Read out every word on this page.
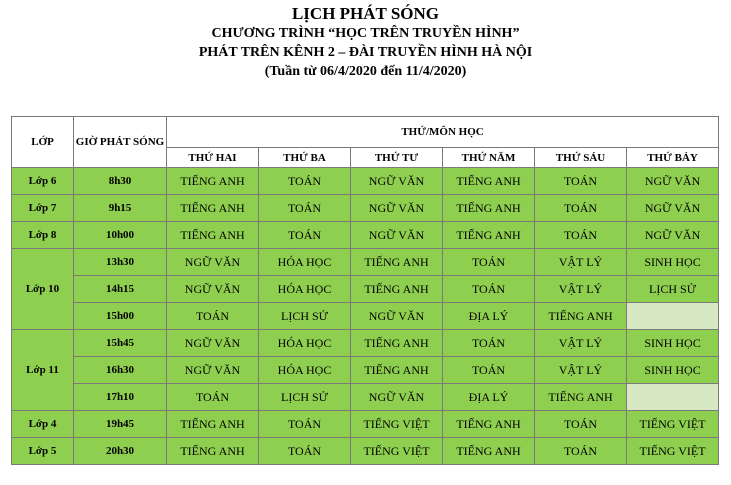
LỊCH PHÁT SÓNG
CHƯƠNG TRÌNH “HỌC TRÊN TRUYỀN HÌNH”
PHÁT TRÊN KÊNH 2 – ĐÀI TRUYỀN HÌNH HÀ NỘI
(Tuần từ 06/4/2020 đến 11/4/2020)
LỚP	GIỜ PHÁT SÓNG	THỨ/MÔN HỌC					
		THỨ HAI	THỨ BA	THỨ TƯ	THỨ NĂM	THỨ SÁU	THỨ BẢY
Lớp 6	8h30	TIẾNG ANH	TOÁN	NGỮ VĂN	TIẾNG ANH	TOÁN	NGỮ VĂN
Lớp 7	9h15	TIẾNG ANH	TOÁN	NGỮ VĂN	TIẾNG ANH	TOÁN	NGỮ VĂN
Lớp 8	10h00	TIẾNG ANH	TOÁN	NGỮ VĂN	TIẾNG ANH	TOÁN	NGỮ VĂN
Lớp 10	13h30	NGỮ VĂN	HÓA HỌC	TIẾNG ANH	TOÁN	VẬT LÝ	SINH HỌC
	14h15	NGỮ VĂN	HÓA HỌC	TIẾNG ANH	TOÁN	VẬT LÝ	LỊCH SỬ
	15h00	TOÁN	LỊCH SỬ	NGỮ VĂN	ĐỊA LÝ	TIẾNG ANH	
Lớp 11	15h45	NGỮ VĂN	HÓA HỌC	TIẾNG ANH	TOÁN	VẬT LÝ	SINH HỌC
	16h30	NGỮ VĂN	HÓA HỌC	TIẾNG ANH	TOÁN	VẬT LÝ	SINH HỌC
	17h10	TOÁN	LỊCH SỬ	NGỮ VĂN	ĐỊA LÝ	TIẾNG ANH	
Lớp 4	19h45	TIẾNG ANH	TOÁN	TIẾNG VIỆT	TIẾNG ANH	TOÁN	TIẾNG VIỆT
Lớp 5	20h30	TIẾNG ANH	TOÁN	TIẾNG VIỆT	TIẾNG ANH	TOÁN	TIẾNG VIỆT
